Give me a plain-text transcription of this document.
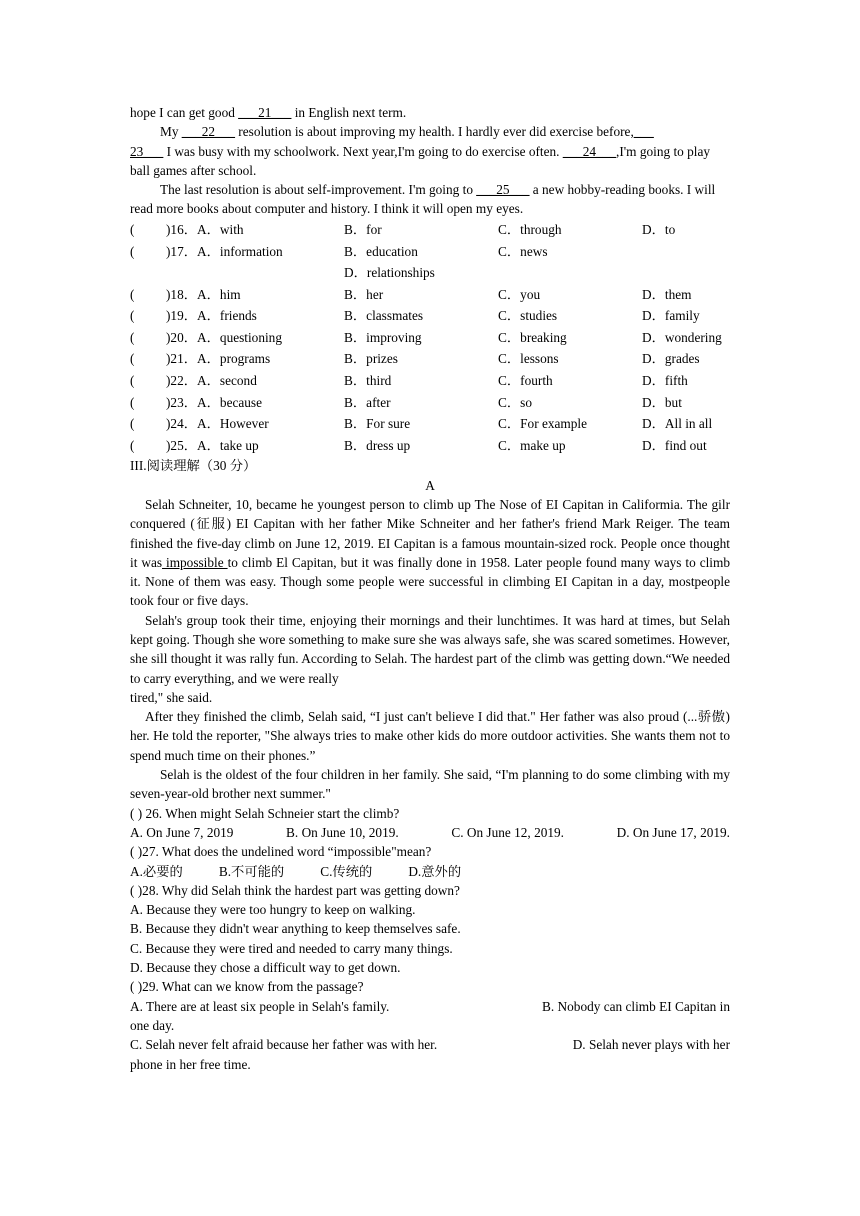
hope I can get good ___21___ in English next term.

My ___22___ resolution is about improving my health. I hardly ever did exercise before,___
23___ I was busy with my schoolwork. Next year,I'm going to do exercise often. ___24___,I'm going to play ball games after school.

The last resolution is about self-improvement. I'm going to ___25___ a new hobby-reading books. I will read more books about computer and history. I think it will open my eyes.

(	)16．A．with	B．for	C．through	D．to
(	)17．A．information	B．education	C．news
D．relationships
(	)18．A．him	B．her	C．you	D．them
(	)19．A．friends	B．classmates	C．studies	D．family
(	)20．A．questioning	B．improving	C．breaking	D．wondering
(	)21．A．programs	B．prizes	C．lessons	D．grades
(	)22．A．second	B．third	C．fourth	D．fifth
(	)23．A．because	B．after	C．so	D．but
(	)24．A．However	B．For sure	C．For example	D．All in all
(	)25．A．take up	B．dress up	C．make up	D．find out

III.阅读理解（30 分）

A

Selah Schneiter, 10, became he youngest person to climb up The Nose of EI Capitan in Califormia. The gilr conquered (征服) EI Capitan with her father Mike Schneiter and her father's friend Mark Reiger. The team finished the five-day climb on June 12, 2019. EI Capitan is a famous mountain-sized rock. People once thought it was impossible to climb El Capitan, but it was finally done in 1958. Later people found many ways to climb it. None of them was easy. Though some people were successful in climbing EI Capitan in a day, mostpeople took four or five days.

Selah's group took their time, enjoying their mornings and their lunchtimes. It was hard at times, but Selah kept going. Though she wore something to make sure she was always safe, she was scared sometimes. However, she sill thought it was rally fun. According to Selah. The hardest part of the climb was getting down.“We needed to carry everything, and we were really

tired," she said.

After they finished the climb, Selah said, “I just can't believe I did that." Her father was also proud (...骄傲) her. He told the reporter, "She always tries to make other kids do more outdoor activities. She wants them not to spend much time on their phones.”

Selah is the oldest of the four children in her family. She said, “I'm planning to do some climbing with my seven-year-old brother next summer."

( ) 26. When might Selah Schneier start the climb?

A. On June 7, 2019	B. On June 10, 2019.	C. On June 12, 2019.	D. On June 17, 2019.

( )27. What does the undelined word “impossible"mean?

A.必要的	B.不可能的	C.传统的	D.意外的

( )28. Why did Selah think the hardest part was getting down?

A. Because they were too hungry to keep on walking.

B. Because they didn't wear anything to keep themselves safe.

C. Because they were tired and needed to carry many things.

D. Because they chose a difficult way to get down.

( )29. What can we know from the passage?

A. There are at least six people in Selah's family.	B. Nobody can climb EI Capitan in

one day.

C. Selah never felt afraid because her father was with her.	D. Selah never plays with her

phone in her free time.
